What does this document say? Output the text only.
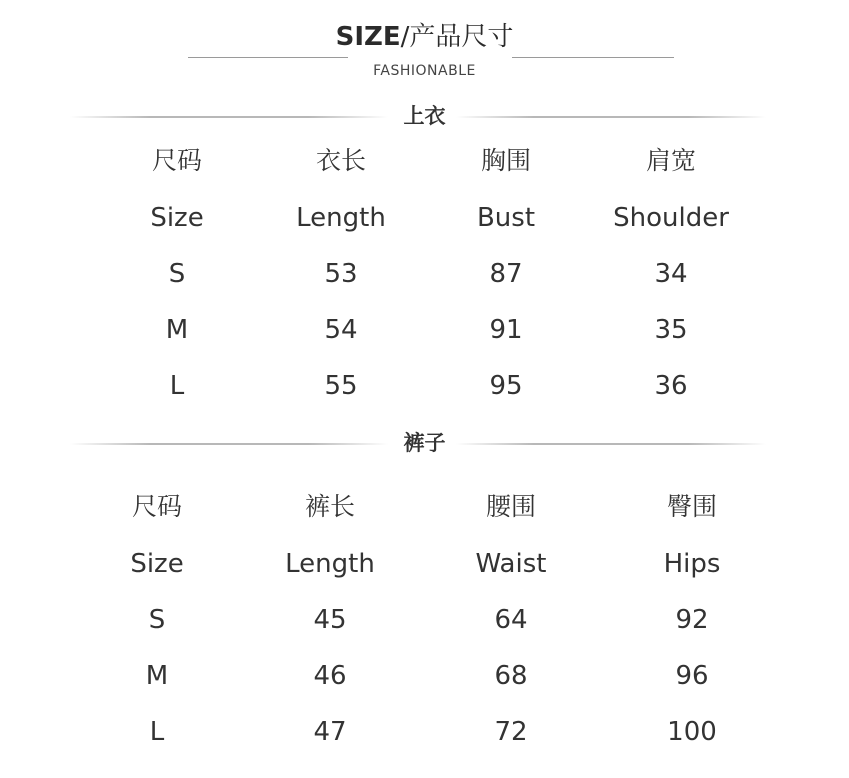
SIZE/产品尺寸
FASHIONABLE
上衣
尺码	衣长	胸围	肩宽
Size	Length	Bust	Shoulder
S	53	87	34
M	54	91	35
L	55	95	36
裤子
尺码	裤长	腰围	臀围
Size	Length	Waist	Hips
S	45	64	92
M	46	68	96
L	47	72	100
